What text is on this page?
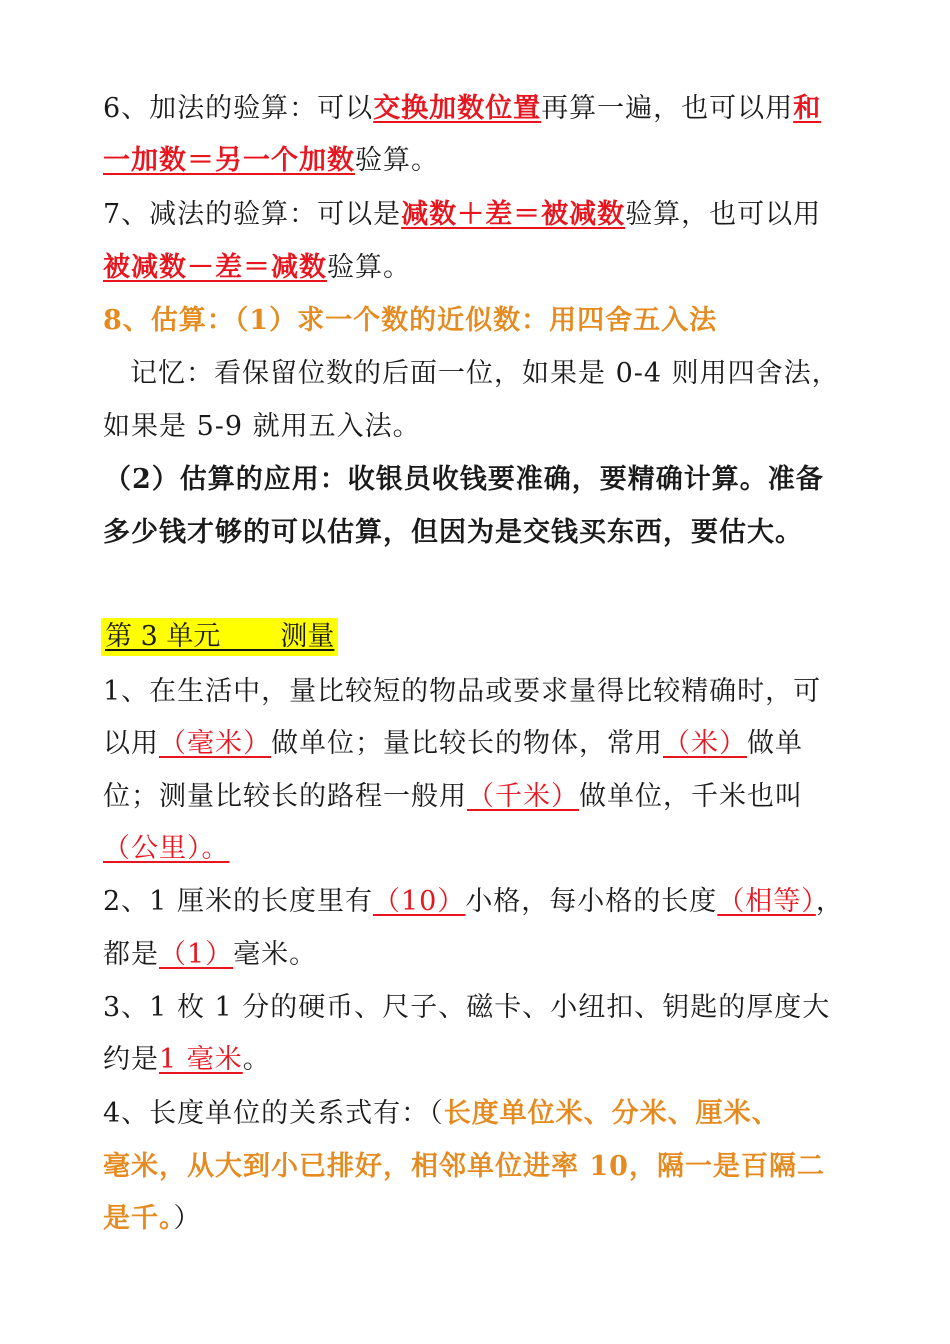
6、加法的验算：可以交换加数位置再算一遍，也可以用和
一加数＝另一个加数验算。
7、减法的验算：可以是减数＋差＝被减数验算，也可以用
被减数－差＝减数验算。
8、估算：（1）求一个数的近似数：用四舍五入法
记忆：看保留位数的后面一位，如果是 0-4 则用四舍法，
如果是 5-9 就用五入法。
（2）估算的应用：收银员收钱要准确，要精确计算。准备
多少钱才够的可以估算，但因为是交钱买东西，要估大。
第 3 单元       测量
1、在生活中，量比较短的物品或要求量得比较精确时，可
以用（毫米）做单位；量比较长的物体，常用（米）做单
位；测量比较长的路程一般用（千米）做单位，千米也叫
（公里）。
2、1 厘米的长度里有（10）小格，每小格的长度（相等），
都是（1）毫米。
3、1 枚 1 分的硬币、尺子、磁卡、小纽扣、钥匙的厚度大
约是1 毫米。
4、长度单位的关系式有：（长度单位米、分米、厘米、
毫米，从大到小已排好，相邻单位进率 10，隔一是百隔二
是千。）
